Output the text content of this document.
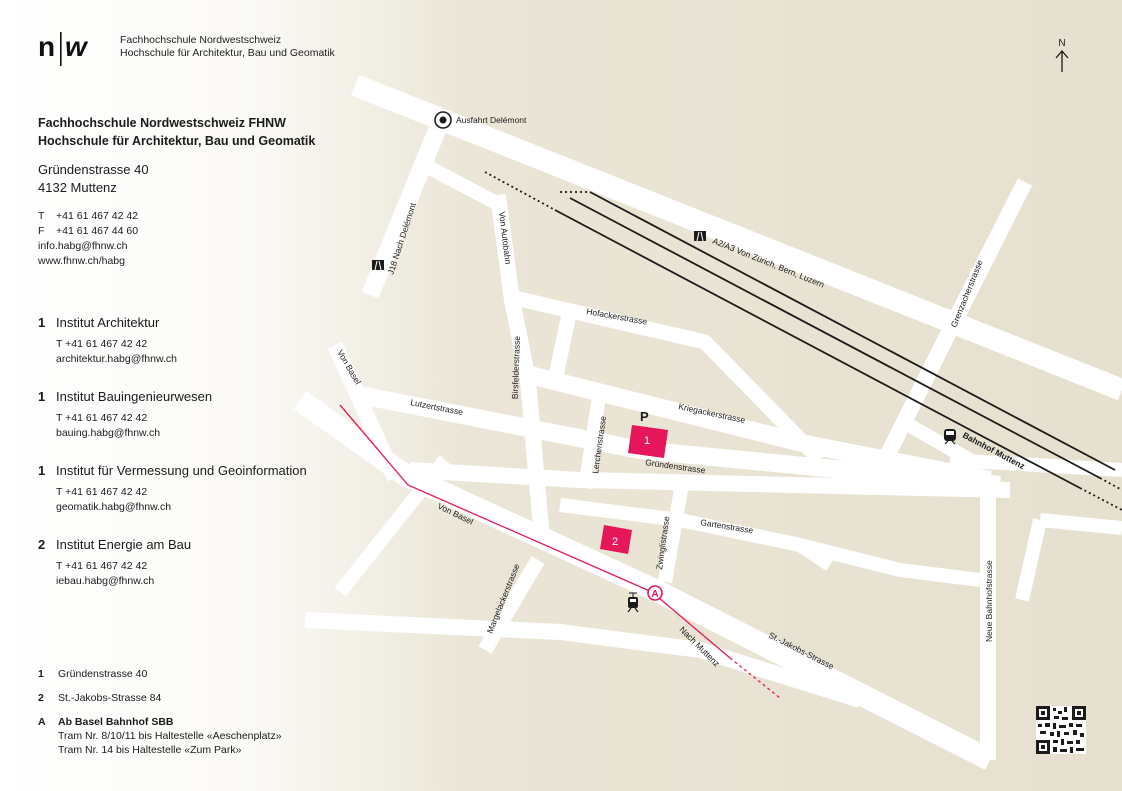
1
2
P
A
N
Ausfahrt Delémont
J18 Nach Delémont	A2/A3 Von Zürich, Bern, Luzern
Von Autobahn
Hofackerstrasse	Grenzacherstrasse
Birsfelderstrasse
Von Basel
Lutzertstrasse
Lerchenstrasse
Kriegackerstrasse
Gründenstrasse	Bahnhof Muttenz
Gartenstrasse
Zwinglistrasse
Von Basel
Margelackerstrasse
Nach Muttenz	St.-Jakobs-Strasse
Neue Bahnhofstrasse
n w	Fachhochschule Nordwestschweiz
Hochschule für Architektur, Bau und Geomatik
Fachhochschule Nordwestschweiz FHNW
Hochschule für Architektur, Bau und Geomatik
Gründenstrasse 40
4132 Muttenz
T +41 61 467 42 42
F +41 61 467 44 60
info.habg@fhnw.ch
www.fhnw.ch/habg
1 Institut Architektur
T +41 61 467 42 42
architektur.habg@fhnw.ch
1 Institut Bauingenieurwesen
T +41 61 467 42 42
bauing.habg@fhnw.ch
1 Institut für Vermessung und Geoinformation
T +41 61 467 42 42
geomatik.habg@fhnw.ch
2 Institut Energie am Bau
T +41 61 467 42 42
iebau.habg@fhnw.ch
1 Gründenstrasse 40
2 St.-Jakobs-Strasse 84
A Ab Basel Bahnhof SBB
Tram Nr. 8/10/11 bis Haltestelle «Aeschenplatz»
Tram Nr. 14 bis Haltestelle «Zum Park»
